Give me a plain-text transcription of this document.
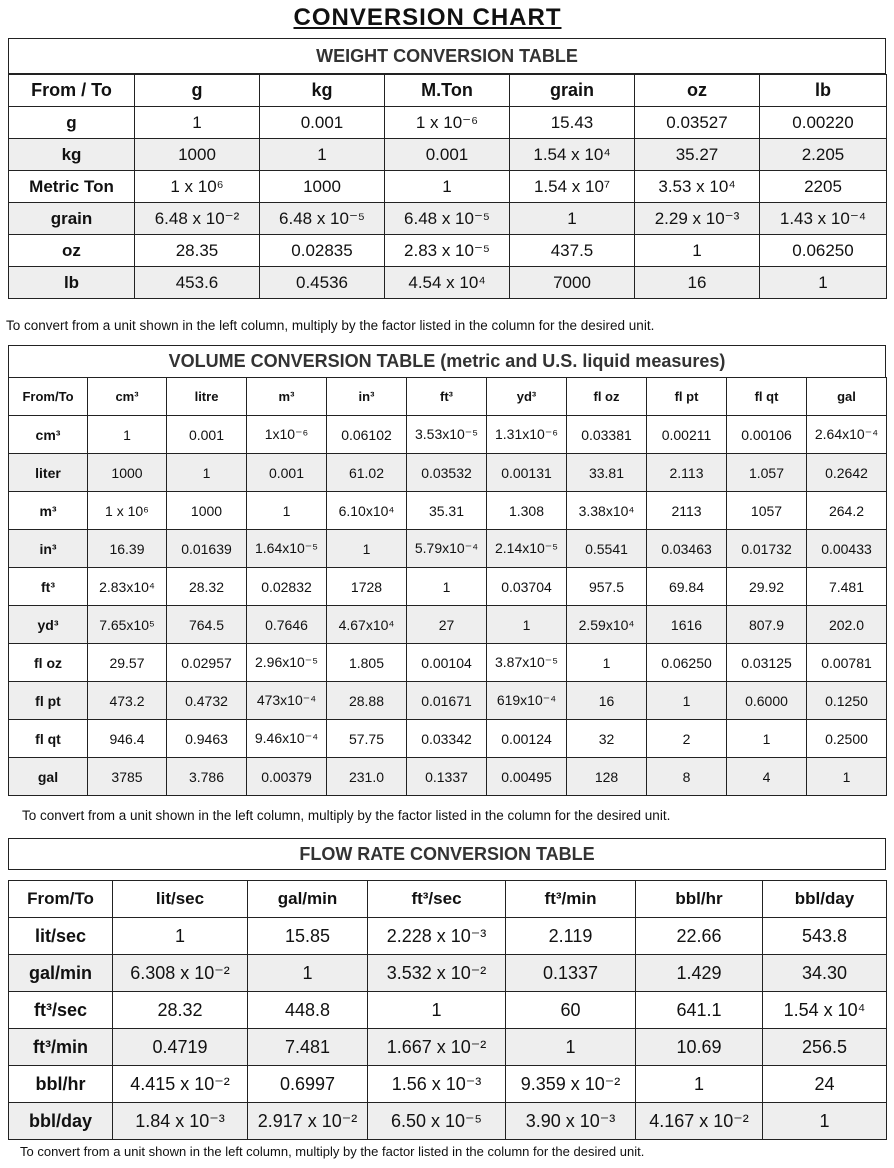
CONVERSION CHART
WEIGHT CONVERSION TABLE
From / To	g	kg	M.Ton	grain	oz	lb
g	1	0.001	1 x 10⁻⁶	15.43	0.03527	0.00220
kg	1000	1	0.001	1.54 x 10⁴	35.27	2.205
Metric Ton	1 x 10⁶	1000	1	1.54 x 10⁷	3.53 x 10⁴	2205
grain	6.48 x 10⁻²	6.48 x 10⁻⁵	6.48 x 10⁻⁵	1	2.29 x 10⁻³	1.43 x 10⁻⁴
oz	28.35	0.02835	2.83 x 10⁻⁵	437.5	1	0.06250
lb	453.6	0.4536	4.54 x 10⁴	7000	16	1
To convert from a unit shown in the left column, multiply by the factor listed in the column for the desired unit.
VOLUME CONVERSION TABLE (metric and U.S. liquid measures)
From/To	cm³	litre	m³	in³	ft³	yd³	fl oz	fl pt	fl qt	gal
cm³	1	0.001	1x10⁻⁶	0.06102	3.53x10⁻⁵	1.31x10⁻⁶	0.03381	0.00211	0.00106	2.64x10⁻⁴
liter	1000	1	0.001	61.02	0.03532	0.00131	33.81	2.113	1.057	0.2642
m³	1 x 10⁶	1000	1	6.10x10⁴	35.31	1.308	3.38x10⁴	2113	1057	264.2
in³	16.39	0.01639	1.64x10⁻⁵	1	5.79x10⁻⁴	2.14x10⁻⁵	0.5541	0.03463	0.01732	0.00433
ft³	2.83x10⁴	28.32	0.02832	1728	1	0.03704	957.5	69.84	29.92	7.481
yd³	7.65x10⁵	764.5	0.7646	4.67x10⁴	27	1	2.59x10⁴	1616	807.9	202.0
fl oz	29.57	0.02957	2.96x10⁻⁵	1.805	0.00104	3.87x10⁻⁵	1	0.06250	0.03125	0.00781
fl pt	473.2	0.4732	473x10⁻⁴	28.88	0.01671	619x10⁻⁴	16	1	0.6000	0.1250
fl qt	946.4	0.9463	9.46x10⁻⁴	57.75	0.03342	0.00124	32	2	1	0.2500
gal	3785	3.786	0.00379	231.0	0.1337	0.00495	128	8	4	1
To convert from a unit shown in the left column, multiply by the factor listed in the column for the desired unit.
FLOW RATE CONVERSION TABLE
From/To	lit/sec	gal/min	ft³/sec	ft³/min	bbl/hr	bbl/day
lit/sec	1	15.85	2.228 x 10⁻³	2.119	22.66	543.8
gal/min	6.308 x 10⁻²	1	3.532 x 10⁻²	0.1337	1.429	34.30
ft³/sec	28.32	448.8	1	60	641.1	1.54 x 10⁴
ft³/min	0.4719	7.481	1.667 x 10⁻²	1	10.69	256.5
bbl/hr	4.415 x 10⁻²	0.6997	1.56 x 10⁻³	9.359 x 10⁻²	1	24
bbl/day	1.84 x 10⁻³	2.917 x 10⁻²	6.50 x 10⁻⁵	3.90 x 10⁻³	4.167 x 10⁻²	1
To convert from a unit shown in the left column, multiply by the factor listed in the column for the desired unit.
